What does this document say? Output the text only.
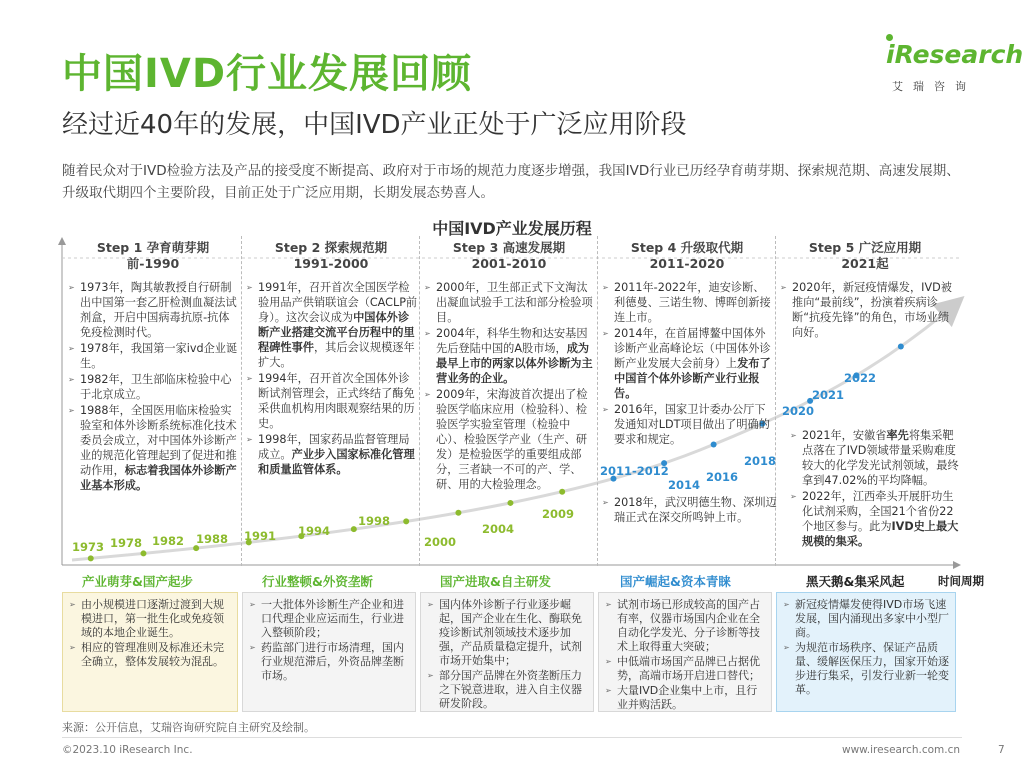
中国IVD行业发展回顾
经过近40年的发展，中国IVD产业正处于广泛应用阶段
iResearch
艾瑞咨询
随着民众对于IVD检验方法及产品的接受度不断提高、政府对于市场的规范力度逐步增强，我国IVD行业已历经孕育萌芽期、探索规范期、高速发展期、升级取代期四个主要阶段，目前正处于广泛应用期，长期发展态势喜人。
中国IVD产业发展历程
Step 1 孕育萌芽期
前-1990
Step 2 探索规范期
1991-2000
Step 3 高速发展期
2001-2010
Step 4 升级取代期
2011-2020
Step 5 广泛应用期
2021起
➢ 1973年，陶其敏教授自行研制出中国第一套乙肝检测血凝法试剂盒，开启中国病毒抗原-抗体免疫检测时代。
➢ 1978年，我国第一家ivd企业诞生。
➢ 1982年，卫生部临床检验中心于北京成立。
➢ 1988年，全国医用临床检验实验室和体外诊断系统标准化技术委员会成立，对中国体外诊断产业的规范化管理起到了促进和推动作用，标志着我国体外诊断产业基本形成。
➢ 1991年，召开首次全国医学检验用品产供销联谊会（CACLP前身）。这次会议成为中国体外诊断产业搭建交流平台历程中的里程碑性事件，其后会议规模逐年扩大。
➢ 1994年，召开首次全国体外诊断试剂管理会，正式终结了酶免采供血机构用肉眼观察结果的历史。
➢ 1998年，国家药品监督管理局成立。产业步入国家标准化管理和质量监管体系。
➢ 2000年，卫生部正式下文淘汰出凝血试验手工法和部分检验项目。
➢ 2004年，科华生物和达安基因先后登陆中国的A股市场，成为最早上市的两家以体外诊断为主营业务的企业。
➢ 2009年，宋海波首次提出了检验医学临床应用（检验科）、检验医学实验室管理（检验中心）、检验医学产业（生产、研发）是检验医学的重要组成部分，三者缺一不可的产、学、研、用的大检验理念。
➢ 2011年-2022年，迪安诊断、利德曼、三诺生物、博晖创新接连上市。
➢ 2014年，在首届博鳌中国体外诊断产业高峰论坛（中国体外诊断产业发展大会前身）上发布了中国首个体外诊断产业行业报告。
➢ 2016年，国家卫计委办公厅下发通知对LDT项目做出了明确的要求和规定。
➢ 2018年，武汉明德生物、深圳迈瑞正式在深交所鸣钟上市。
➢ 2020年，新冠疫情爆发，IVD被推向“最前线”，扮演着疾病诊断“抗疫先锋”的角色，市场业绩向好。
➢ 2021年，安徽省率先将集采靶点落在了IVD领域带量采购难度较大的化学发光试剂领域，最终拿到47.02%的平均降幅。
➢ 2022年，江西牵头开展肝功生化试剂采购，全国21个省份22个地区参与。此为IVD史上最大规模的集采。
1973 1978 1982 1988 1991 1994
1998
2000
2004
2009
2011-2012
2014
2016
2018
2020
2021
2022
产业萌芽&国产起步	行业整顿&外资垄断	国产进取&自主研发	国产崛起&资本青睐	黑天鹅&集采风起	时间周期
➢ 由小规模进口逐渐过渡到大规模进口，第一批生化或免疫领域的本地企业诞生。
➢ 相应的管理准则及标准还未完全确立，整体发展较为混乱。
➢ 一大批体外诊断生产企业和进口代理企业应运而生，行业进入整顿阶段；
➢ 药监部门进行市场清理，国内行业规范滞后，外资品牌垄断市场。
➢ 国内体外诊断子行业逐步崛起，国产企业在生化、酶联免疫诊断试剂领域技术逐步加强，产品质量稳定提升，试剂市场开始集中；
➢ 部分国产品牌在外资垄断压力之下锐意进取，进入自主仪器研发阶段。
➢ 试剂市场已形成较高的国产占有率，仪器市场国内企业在全自动化学发光、分子诊断等技术上取得重大突破；
➢ 中低端市场国产品牌已占据优势，高端市场开启进口替代；
➢ 大量IVD企业集中上市，且行业并购活跃。
➢ 新冠疫情爆发使得IVD市场飞速发展，国内涌现出多家中小型厂商。
➢ 为规范市场秩序、保证产品质量、缓解医保压力，国家开始逐步进行集采，引发行业新一轮变革。
来源：公开信息，艾瑞咨询研究院自主研究及绘制。
©2023.10 iResearch Inc.	www.iresearch.com.cn	7
